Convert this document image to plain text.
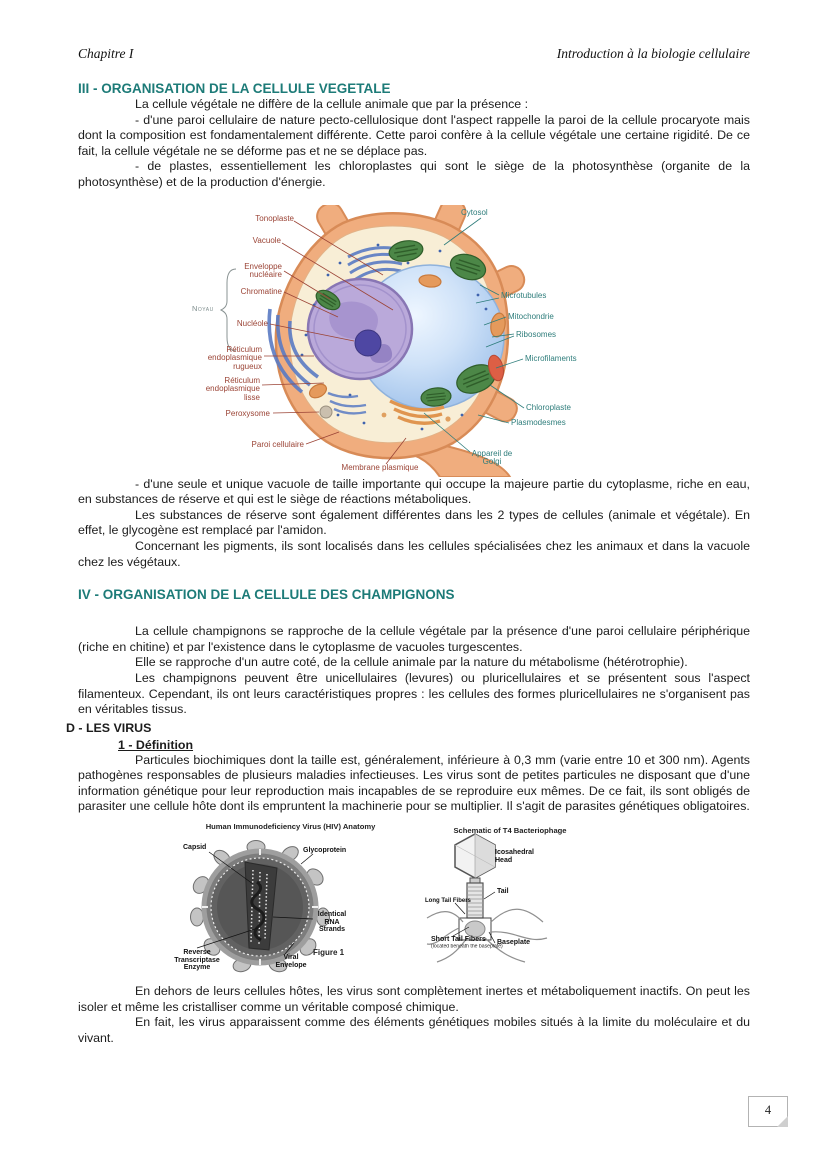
Chapitre I	Introduction à la biologie cellulaire
III - ORGANISATION DE LA CELLULE VEGETALE

La cellule végétale ne diffère de la cellule animale que par la présence :

- d'une paroi cellulaire de nature pecto-cellulosique dont l'aspect rappelle la paroi de la cellule procaryote mais dont la composition est fondamentalement différente. Cette paroi confère à la cellule végétale une certaine rigidité. De ce fait, la cellule végétale ne se déforme pas et ne se déplace pas.

- de plastes, essentiellement les chloroplastes qui sont le siège de la photosynthèse (organite de la photosynthèse) et de la production d'énergie.

Tonoplaste
Vacuole
Enveloppe nucléaire
Chromatine
Noyau
Nucléole
Réticulum endoplasmique rugueux
Réticulum endoplasmique lisse
Peroxysome
Paroi cellulaire
Membrane plasmique
Cytosol
Microtubules
Mitochondrie
Ribosomes
Microfilaments
Chloroplaste
Plasmodesmes
Appareil de Golgi

- d'une seule et unique vacuole de taille importante qui occupe la majeure partie du cytoplasme, riche en eau, en substances de réserve et qui est le siège de réactions métaboliques.

Les substances de réserve sont également différentes dans les 2 types de cellules (animale et végétale). En effet, le glycogène est remplacé par l'amidon.

Concernant les pigments, ils sont localisés dans les cellules spécialisées chez les animaux et dans la vacuole chez les végétaux.

IV - ORGANISATION DE LA CELLULE DES CHAMPIGNONS

La cellule champignons se rapproche de la cellule végétale par la présence d'une paroi cellulaire périphérique (riche en chitine) et par l'existence dans le cytoplasme de vacuoles turgescentes.

Elle se rapproche d'un autre coté, de la cellule animale par la nature du métabolisme (hétérotrophie).

Les champignons peuvent être unicellulaires (levures) ou pluricellulaires et se présentent sous l'aspect filamenteux. Cependant, ils ont leurs caractéristiques propres : les cellules des formes pluricellulaires ne s'organisent pas en véritables tissus.

D - LES VIRUS
1 - Définition

Particules biochimiques dont la taille est, généralement, inférieure à 0,3 mm (varie entre 10 et 300 nm). Agents pathogènes responsables de plusieurs maladies infectieuses. Les virus sont de petites particules ne disposant que d'une information génétique pour leur reproduction mais incapables de se reproduire eux mêmes. De ce fait, ils sont obligés de parasiter une cellule hôte dont ils empruntent la machinerie pour se multiplier. Il s'agit de parasites génétiques obligatoires.

Human Immunodeficiency Virus (HIV) Anatomy
Capsid	Glycoprotein
Identical RNA Strands
Reverse Transcriptase Enzyme
Viral Envelope
Figure 1
Schematic of T4 Bacteriophage
Icosahedral Head
Tail
Long Tail Fibers
Short Tail Fibers
(located beneath the baseplate)
Baseplate

En dehors de leurs cellules hôtes, les virus sont complètement inertes et métaboliquement inactifs. On peut les isoler et même les cristalliser comme un véritable composé chimique.

En fait, les virus apparaissent comme des éléments génétiques mobiles situés à la limite du moléculaire et du vivant.

4
